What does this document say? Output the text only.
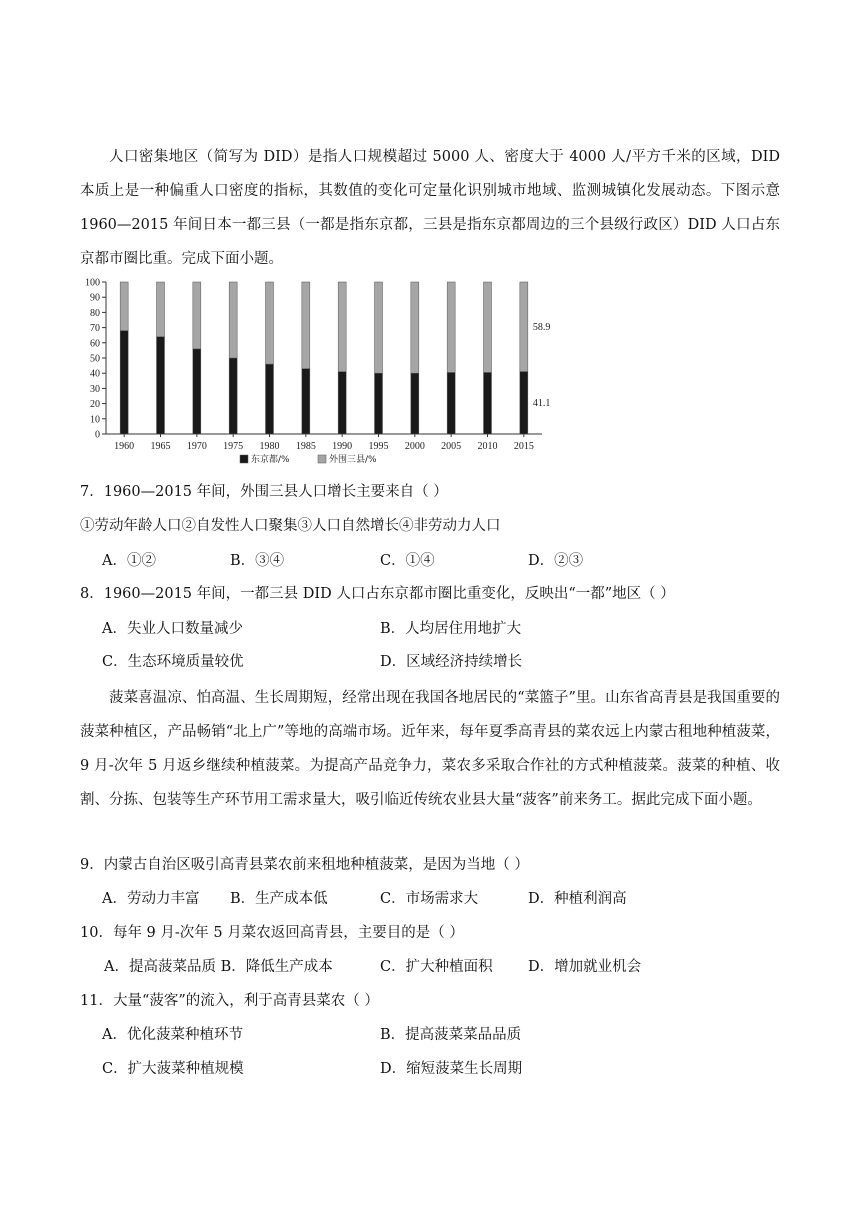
人口密集地区（简写为 DID）是指人口规模超过 5000 人、密度大于 4000 人/平方千米的区域，DID 本质上是一种偏重人口密度的指标，其数值的变化可定量化识别城市地域、监测城镇化发展动态。下图示意 1960—2015 年间日本一都三县（一都是指东京都，三县是指东京都周边的三个县级行政区）DID 人口占东京都市圈比重。完成下面小题。

0
10
20
30
40
50
60
70
80
90
100
1960 1965 1970 1975 1980 1985 1990 1995 2000 2005 2010 2015
58.9
41.1
东京都/%	外围三县/%
7．1960—2015 年间，外围三县人口增长主要来自（ ）
①劳动年龄人口②自发性人口聚集③人口自然增长④非劳动力人口
A．①②	B．③④	C．①④	D．②③
8．1960—2015 年间，一都三县 DID 人口占东京都市圈比重变化，反映出“一都”地区（ ）
A．失业人口数量减少	B．人均居住用地扩大
C．生态环境质量较优	D．区域经济持续增长

菠菜喜温凉、怕高温、生长周期短，经常出现在我国各地居民的“菜篮子”里。山东省高青县是我国重要的菠菜种植区，产品畅销“北上广”等地的高端市场。近年来，每年夏季高青县的菜农远上内蒙古租地种植菠菜，9 月-次年 5 月返乡继续种植菠菜。为提高产品竞争力，菜农多采取合作社的方式种植菠菜。菠菜的种植、收割、分拣、包装等生产环节用工需求量大，吸引临近传统农业县大量“菠客”前来务工。据此完成下面小题。

9．内蒙古自治区吸引高青县菜农前来租地种植菠菜，是因为当地（ ）
A．劳动力丰富 B．生产成本低	C．市场需求大	D．种植利润高
10．每年 9 月-次年 5 月菜农返回高青县，主要目的是（ ）
A．提高菠菜品质 B．降低生产成本	C．扩大种植面积 D．增加就业机会
11．大量“菠客”的流入，利于高青县菜农（ ）
A．优化菠菜种植环节	B．提高菠菜菜品品质
C．扩大菠菜种植规模	D．缩短菠菜生长周期
